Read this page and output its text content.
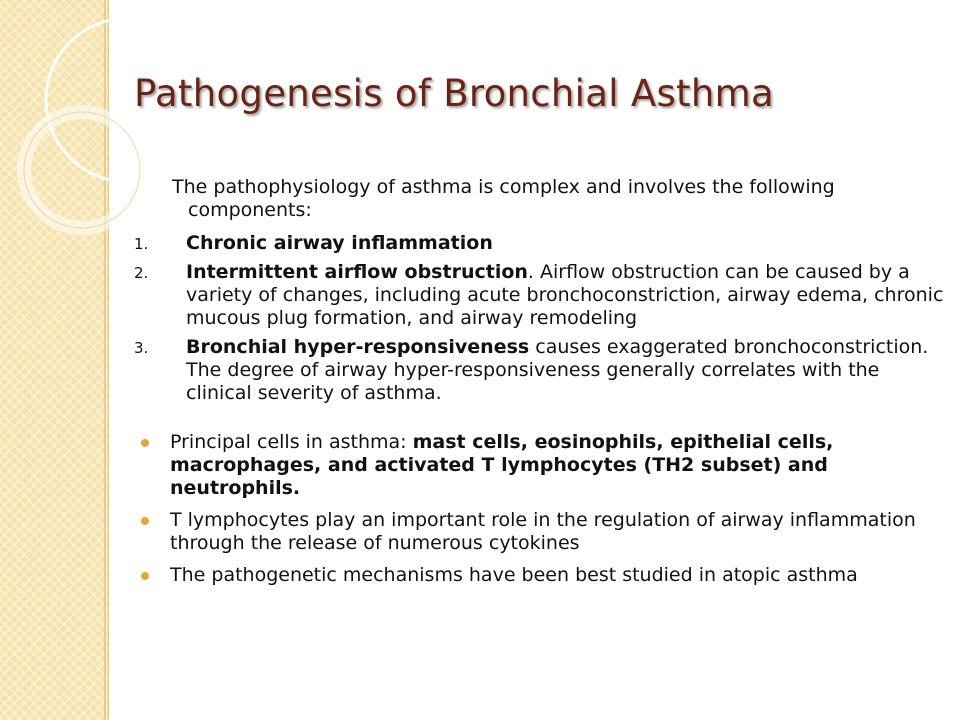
Pathogenesis of Bronchial Asthma

The pathophysiology of asthma is complex and involves the following
components:

1. Chronic airway inflammation
2. Intermittent airflow obstruction. Airflow obstruction can be caused by a variety of changes, including acute bronchoconstriction, airway edema, chronic mucous plug formation, and airway remodeling
3. Bronchial hyper-responsiveness causes exaggerated bronchoconstriction. The degree of airway hyper-responsiveness generally correlates with the clinical severity of asthma.
Principal cells in asthma: mast cells, eosinophils, epithelial cells, macrophages, and activated T lymphocytes (TH2 subset) and neutrophils.
T lymphocytes play an important role in the regulation of airway inflammation through the release of numerous cytokines
The pathogenetic mechanisms have been best studied in atopic asthma
